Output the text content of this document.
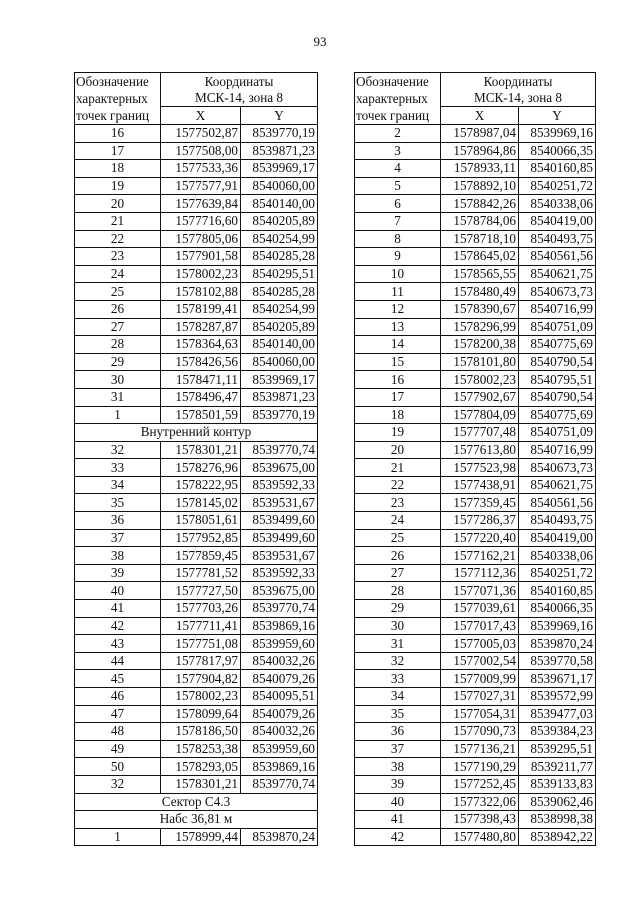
93
Обозначение
характерных
точек границ	Координаты
МСК-14, зона 8	
	X	Y
16	1577502,87	8539770,19
17	1577508,00	8539871,23
18	1577533,36	8539969,17
19	1577577,91	8540060,00
20	1577639,84	8540140,00
21	1577716,60	8540205,89
22	1577805,06	8540254,99
23	1577901,58	8540285,28
24	1578002,23	8540295,51
25	1578102,88	8540285,28
26	1578199,41	8540254,99
27	1578287,87	8540205,89
28	1578364,63	8540140,00
29	1578426,56	8540060,00
30	1578471,11	8539969,17
31	1578496,47	8539871,23
1	1578501,59	8539770,19
Внутренний контур		
32	1578301,21	8539770,74
33	1578276,96	8539675,00
34	1578222,95	8539592,33
35	1578145,02	8539531,67
36	1578051,61	8539499,60
37	1577952,85	8539499,60
38	1577859,45	8539531,67
39	1577781,52	8539592,33
40	1577727,50	8539675,00
41	1577703,26	8539770,74
42	1577711,41	8539869,16
43	1577751,08	8539959,60
44	1577817,97	8540032,26
45	1577904,82	8540079,26
46	1578002,23	8540095,51
47	1578099,64	8540079,26
48	1578186,50	8540032,26
49	1578253,38	8539959,60
50	1578293,05	8539869,16
32	1578301,21	8539770,74
Сектор С4.3		
Набс 36,81 м		
1	1578999,44	8539870,24
Обозначение
характерных
точек границ	Координаты
МСК-14, зона 8	
	X	Y
2	1578987,04	8539969,16
3	1578964,86	8540066,35
4	1578933,11	8540160,85
5	1578892,10	8540251,72
6	1578842,26	8540338,06
7	1578784,06	8540419,00
8	1578718,10	8540493,75
9	1578645,02	8540561,56
10	1578565,55	8540621,75
11	1578480,49	8540673,73
12	1578390,67	8540716,99
13	1578296,99	8540751,09
14	1578200,38	8540775,69
15	1578101,80	8540790,54
16	1578002,23	8540795,51
17	1577902,67	8540790,54
18	1577804,09	8540775,69
19	1577707,48	8540751,09
20	1577613,80	8540716,99
21	1577523,98	8540673,73
22	1577438,91	8540621,75
23	1577359,45	8540561,56
24	1577286,37	8540493,75
25	1577220,40	8540419,00
26	1577162,21	8540338,06
27	1577112,36	8540251,72
28	1577071,36	8540160,85
29	1577039,61	8540066,35
30	1577017,43	8539969,16
31	1577005,03	8539870,24
32	1577002,54	8539770,58
33	1577009,99	8539671,17
34	1577027,31	8539572,99
35	1577054,31	8539477,03
36	1577090,73	8539384,23
37	1577136,21	8539295,51
38	1577190,29	8539211,77
39	1577252,45	8539133,83
40	1577322,06	8539062,46
41	1577398,43	8538998,38
42	1577480,80	8538942,22
